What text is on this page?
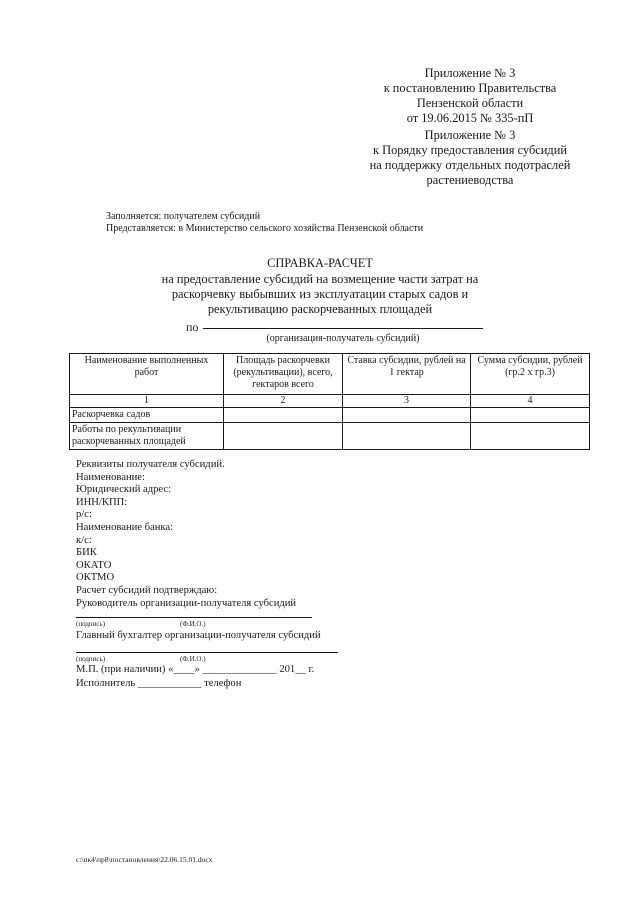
Приложение № 3
к постановлению Правительства
Пензенской области
от 19.06.2015 № 335-пП
Приложение № 3
к Порядку предоставления субсидий
на поддержку отдельных подотраслей
растениеводства
Заполняется: получателем субсидий
Представляется: в Министерство сельского хозяйства Пензенской области
СПРАВКА-РАСЧЕТ
на предоставление субсидий на возмещение части затрат на
раскорчевку выбывших из эксплуатации старых садов и
рекультивацию раскорчеванных площадей
по
(организация-получатель субсидий)
Наименование выполненных работ	Площадь раскорчевки (рекультивации), всего, гектаров всего	Ставка субсидии, рублей на 1 гектар	Сумма субсидии, рублей (гр.2 х гр.3)
1	2	3	4
Раскорчевка садов			
Работы по рекультивации раскорчеванных площадей			
Реквизиты получателя субсидий.
Наименование:
Юридический адрес:
ИНН/КПП:
р/с:
Наименование банка:
к/с:
БИК
ОКАТО
ОКТМО
Расчет субсидий подтверждаю:
Руководитель организации-получателя субсидий
(подпись)	(Ф.И.О.)
Главный бухгалтер организации-получателя субсидий
(подпись)	(Ф.И.О.)
М.П. (при наличии) «____» ______________ 201__ г.
Исполнитель ____________ телефон
c:\пк4\пр8\постановления\22.06.15.01.docx
